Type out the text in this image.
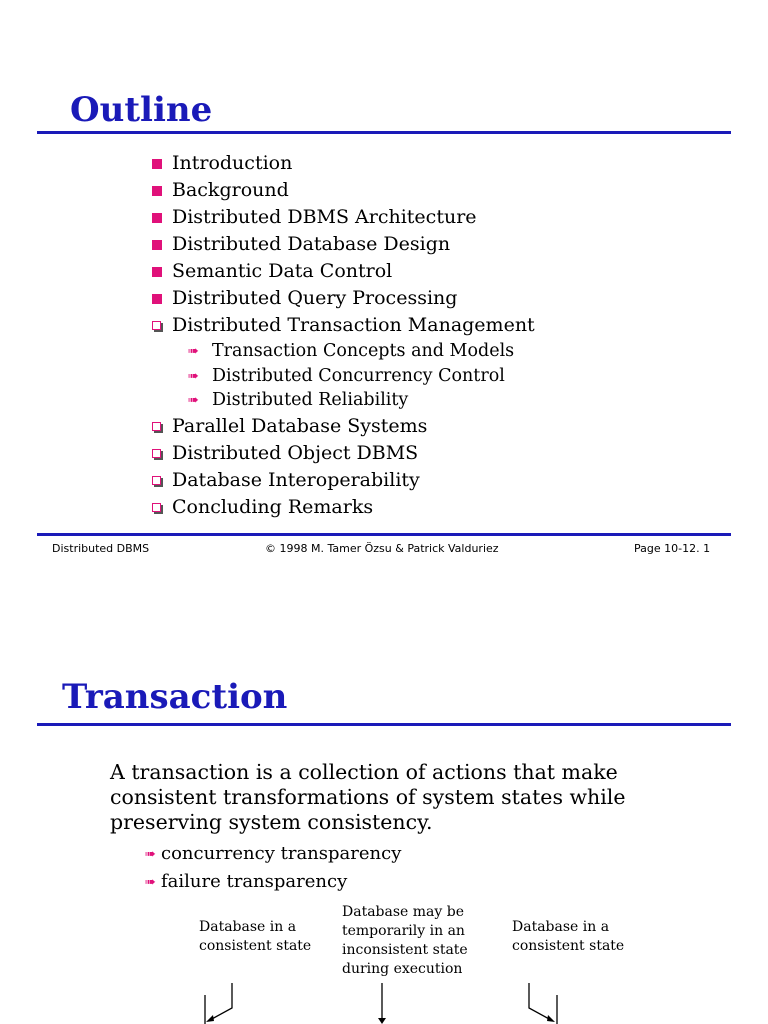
Outline
Introduction
Background
Distributed DBMS Architecture
Distributed Database Design
Semantic Data Control
Distributed Query Processing
Distributed Transaction Management
➠ Transaction Concepts and Models
➠ Distributed Concurrency Control
➠ Distributed Reliability
Parallel Database Systems
Distributed Object DBMS
Database Interoperability
Concluding Remarks
Distributed DBMS	© 1998 M. Tamer Özsu & Patrick Valduriez	Page 10-12. 1
Transaction

A transaction is a collection of actions that make consistent transformations of system states while preserving system consistency.

➠ concurrency transparency
➠ failure transparency

Database in a consistent state

Database may be temporarily in an inconsistent state during execution

Database in a consistent state
